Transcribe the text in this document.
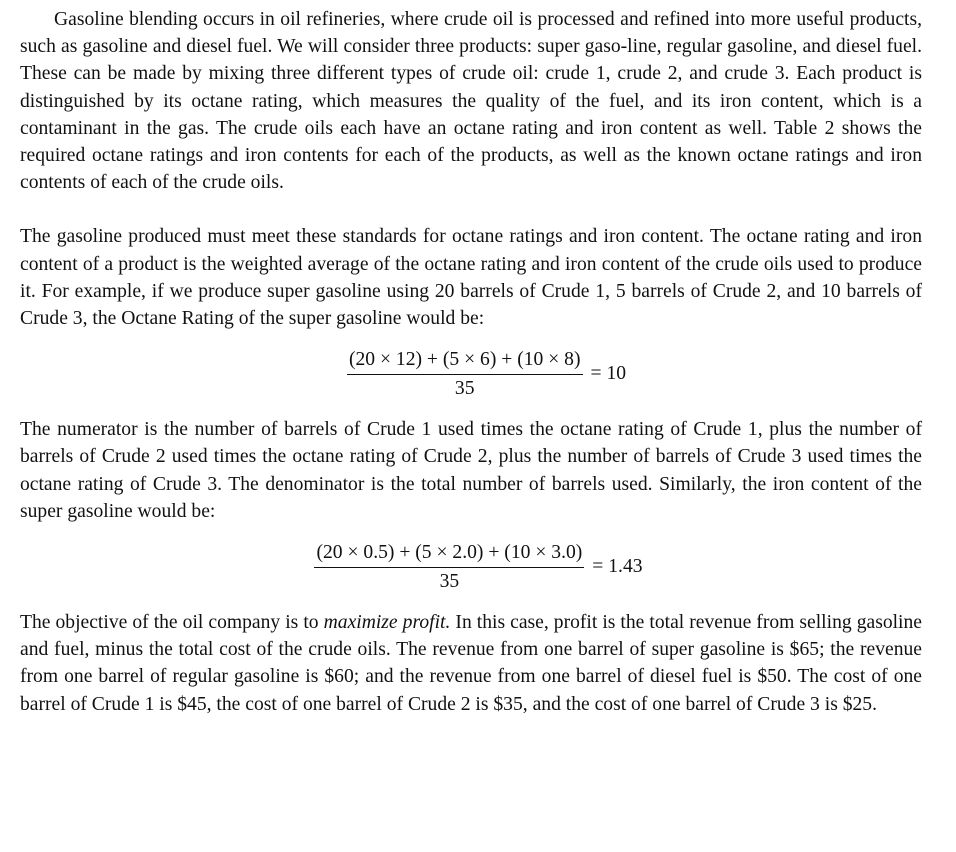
Gasoline blending occurs in oil refineries, where crude oil is processed and refined into more useful products, such as gasoline and diesel fuel. We will consider three products: super gaso-line, regular gasoline, and diesel fuel. These can be made by mixing three different types of crude oil: crude 1, crude 2, and crude 3. Each product is distinguished by its octane rating, which measures the quality of the fuel, and its iron content, which is a contaminant in the gas. The crude oils each have an octane rating and iron content as well. Table 2 shows the required octane ratings and iron contents for each of the products, as well as the known octane ratings and iron contents of each of the crude oils.

The gasoline produced must meet these standards for octane ratings and iron content. The octane rating and iron content of a product is the weighted average of the octane rating and iron content of the crude oils used to produce it. For example, if we produce super gasoline using 20 barrels of Crude 1, 5 barrels of Crude 2, and 10 barrels of Crude 3, the Octane Rating of the super gasoline would be:

$\frac{(20 \times 12) + (5 \times 6) + (10 \times 8)}{35} = 10$

The numerator is the number of barrels of Crude 1 used times the octane rating of Crude 1, plus the number of barrels of Crude 2 used times the octane rating of Crude 2, plus the number of barrels of Crude 3 used times the octane rating of Crude 3. The denominator is the total number of barrels used. Similarly, the iron content of the super gasoline would be:

$\frac{(20 \times 0.5) + (5 \times 2.0) + (10 \times 3.0)}{35} = 1.43$

The objective of the oil company is to maximize profit. In this case, profit is the total revenue from selling gasoline and fuel, minus the total cost of the crude oils. The revenue from one barrel of super gasoline is $65; the revenue from one barrel of regular gasoline is $60; and the revenue from one barrel of diesel fuel is $50. The cost of one barrel of Crude 1 is $45, the cost of one barrel of Crude 2 is $35, and the cost of one barrel of Crude 3 is $25.
